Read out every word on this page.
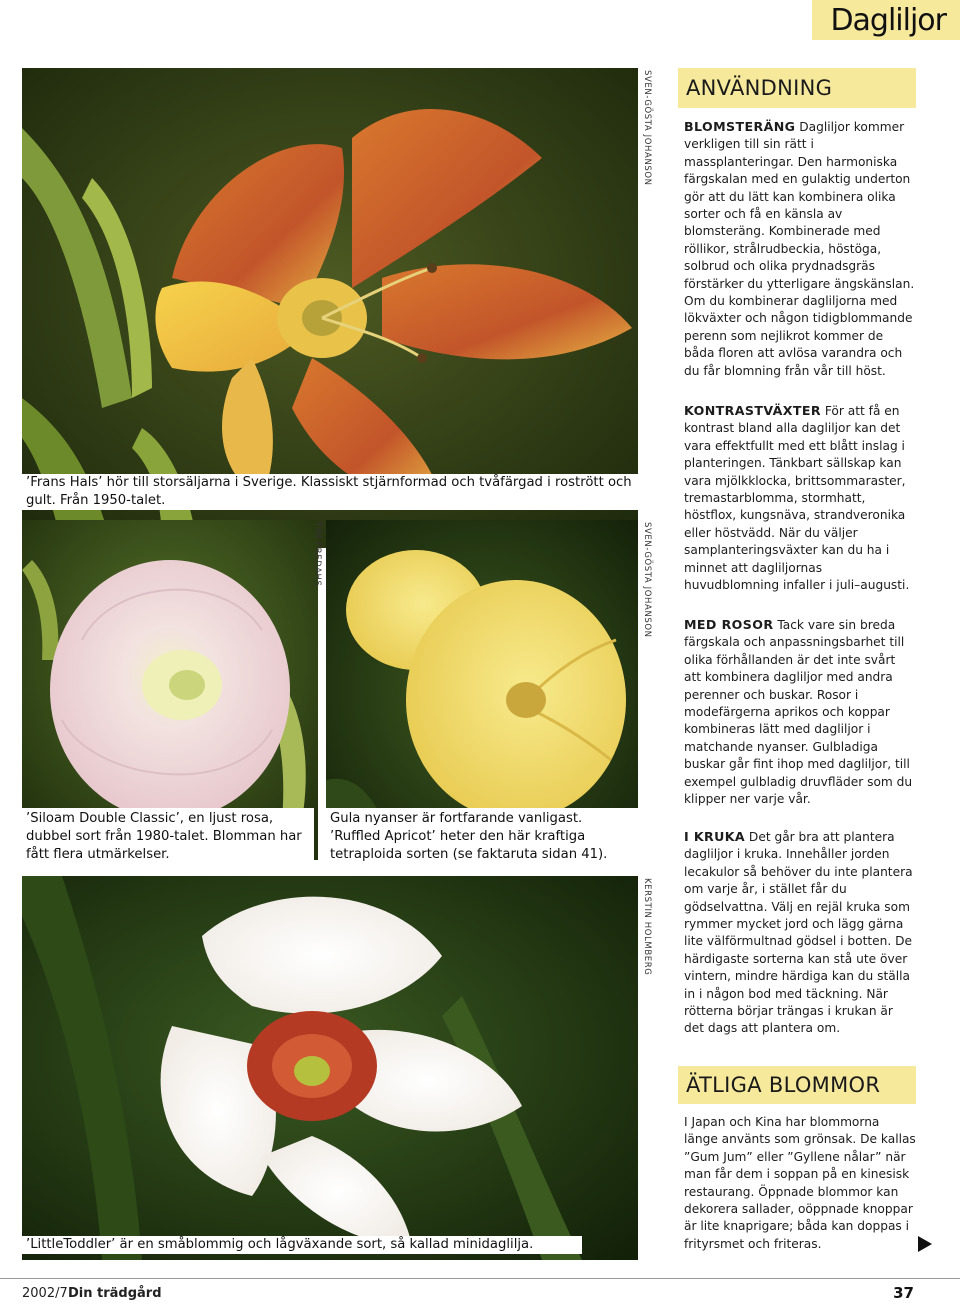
Dagliljor
SVEN-GÖSTA JOHANSON
’Frans Hals’ hör till storsäljarna i Sverige. Klassiskt stjärnformad och tvåfärgad i rostrött och gult. Från 1950-talet.
’Siloam Double Classic’, en ljust rosa, dubbel sort från 1980-talet. Blomman har fått flera utmärkelser.
TIM FREDAHS	SVEN-GÖSTA JOHANSON
Gula nyanser är fortfarande vanligast. ’Ruffled Apricot’ heter den här kraftiga tetraploida sorten (se faktaruta sidan 41).
KERSTIN HOLMBERG
’LittleToddler’ är en småblommig och lågväxande sort, så kallad minidaglilja.
ANVÄNDNING
BLOMSTERÄNG Dagliljor kommer verkligen till sin rätt i massplanteringar. Den harmoniska färgskalan med en gulaktig underton gör att du lätt kan kombinera olika sorter och få en känsla av blomsteräng. Kombinerade med röllikor, strålrudbeckia, höstöga, solbrud och olika prydnadsgräs förstärker du ytterligare ängskänslan. Om du kombinerar dagliljorna med lökväxter och någon tidigblommande perenn som nejlikrot kommer de båda floren att avlösa varandra och du får blomning från vår till höst.
KONTRASTVÄXTER För att få en kontrast bland alla dagliljor kan det vara effektfullt med ett blått inslag i planteringen. Tänkbart sällskap kan vara mjölkklocka, brittsommaraster, tremastarblomma, stormhatt, höstflox, kungsnäva, strandveronika eller höstvädd. När du väljer samplanteringsväxter kan du ha i minnet att dagliljornas huvudblomning infaller i juli–augusti.
MED ROSOR Tack vare sin breda färgskala och anpassningsbarhet till olika förhållanden är det inte svårt att kombinera dagliljor med andra perenner och buskar. Rosor i modefärgerna aprikos och koppar kombineras lätt med dagliljor i matchande nyanser. Gulbladiga buskar går fint ihop med dagliljor, till exempel gulbladig druvfläder som du klipper ner varje vår.
I KRUKA Det går bra att plantera dagliljor i kruka. Innehåller jorden lecakulor så behöver du inte plantera om varje år, i stället får du gödselvattna. Välj en rejäl kruka som rymmer mycket jord och lägg gärna lite välförmultnad gödsel i botten. De härdigaste sorterna kan stå ute över vintern, mindre härdiga kan du ställa in i någon bod med täckning. När rötterna börjar trängas i krukan är det dags att plantera om.
ÄTLIGA BLOMMOR
I Japan och Kina har blommorna länge använts som grönsak. De kallas ”Gum Jum” eller ”Gyllene nålar” när man får dem i soppan på en kinesisk restaurang. Öppnade blommor kan dekorera sallader, oöppnade knoppar är lite knaprigare; båda kan doppas i frityrsmet och friteras.
2002/7 Din trädgård	37
